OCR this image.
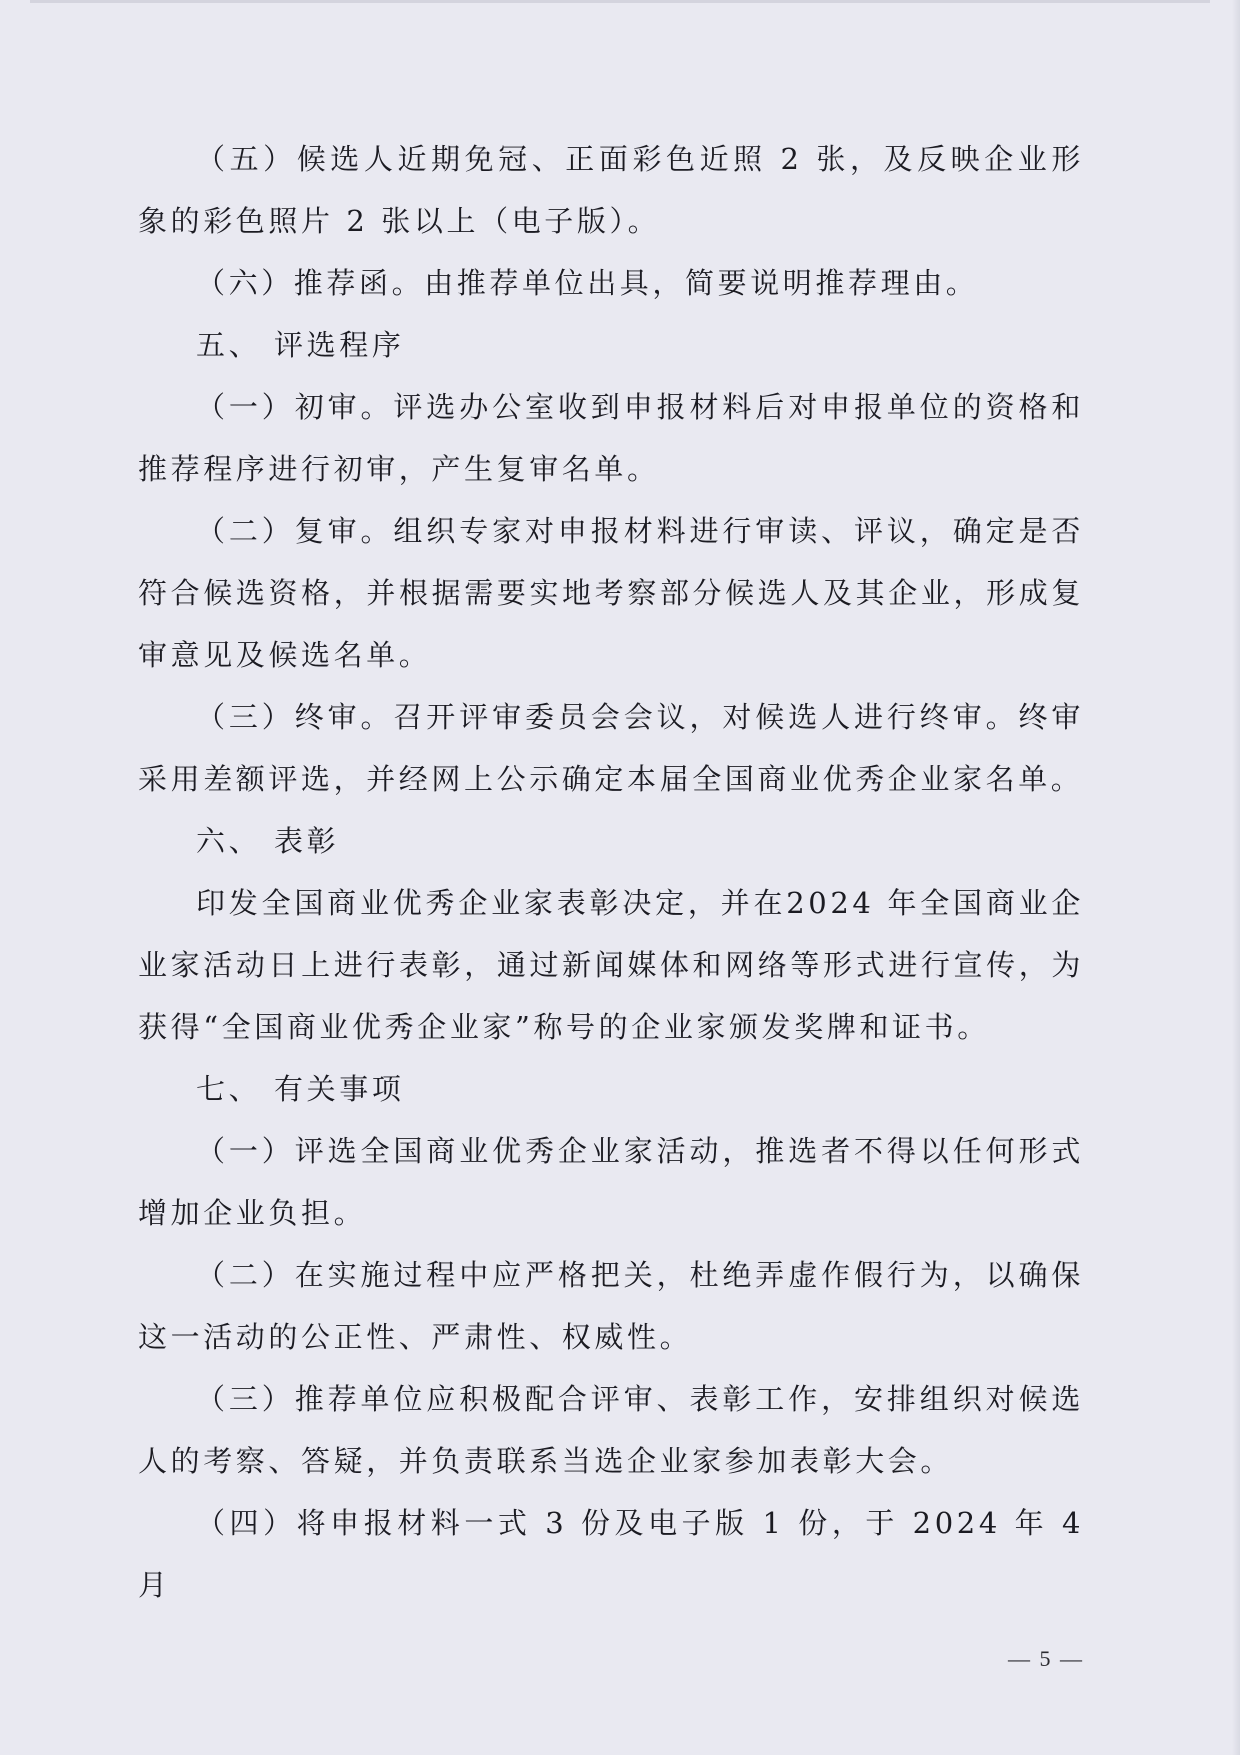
（五）候选人近期免冠、正面彩色近照 2 张，及反映企业形象的彩色照片 2 张以上（电子版）。

（六）推荐函。由推荐单位出具，简要说明推荐理由。

五、 评选程序

（一）初审。评选办公室收到申报材料后对申报单位的资格和推荐程序进行初审，产生复审名单。

（二）复审。组织专家对申报材料进行审读、评议，确定是否符合候选资格，并根据需要实地考察部分候选人及其企业，形成复审意见及候选名单。

（三）终审。召开评审委员会会议，对候选人进行终审。终审采用差额评选，并经网上公示确定本届全国商业优秀企业家名单。

六、 表彰

印发全国商业优秀企业家表彰决定，并在2024 年全国商业企业家活动日上进行表彰，通过新闻媒体和网络等形式进行宣传，为获得“全国商业优秀企业家”称号的企业家颁发奖牌和证书。

七、 有关事项

（一）评选全国商业优秀企业家活动，推选者不得以任何形式增加企业负担。

（二）在实施过程中应严格把关，杜绝弄虚作假行为，以确保这一活动的公正性、严肃性、权威性。

（三）推荐单位应积极配合评审、表彰工作，安排组织对候选人的考察、答疑，并负责联系当选企业家参加表彰大会。

（四）将申报材料一式 3 份及电子版 1 份，于 2024 年 4 月

— 5 —
